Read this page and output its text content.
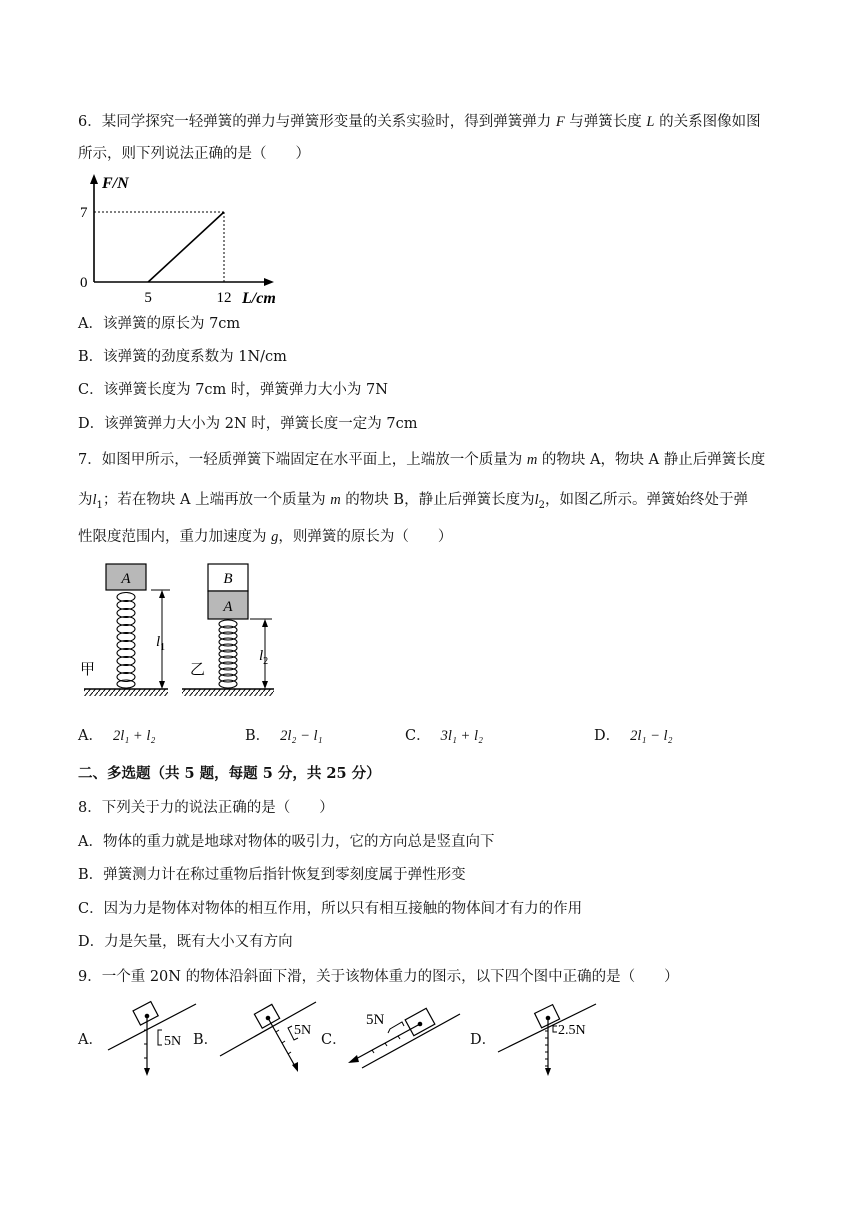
6．某同学探究一轻弹簧的弹力与弹簧形变量的关系实验时，得到弹簧弹力 F 与弹簧长度 L 的关系图像如图
所示，则下列说法正确的是（　　）
F/N
7
0
5	12 L/cm
A．该弹簧的原长为 7cm
B．该弹簧的劲度系数为 1N/cm
C．该弹簧长度为 7cm 时，弹簧弹力大小为 7N
D．该弹簧弹力大小为 2N 时，弹簧长度一定为 7cm
7．如图甲所示，一轻质弹簧下端固定在水平面上，上端放一个质量为 m 的物块 A，物块 A 静止后弹簧长度
为$l_1$；若在物块 A 上端再放一个质量为 m 的物块 B，静止后弹簧长度为$l_2$，如图乙所示。弹簧始终处于弹
性限度范围内，重力加速度为 g，则弹簧的原长为（　　）
A
甲
$l_1$
B
A
乙
$l_2$
A． 2l₁ + l₂	B． 2l₂ − l₁	C． 3l₁ + l₂	D． 2l₁ − l₂
二、多选题（共 5 题，每题 5 分，共 25 分）
8．下列关于力的说法正确的是（　　）
A．物体的重力就是地球对物体的吸引力，它的方向总是竖直向下
B．弹簧测力计在称过重物后指针恢复到零刻度属于弹性形变
C．因为力是物体对物体的相互作用，所以只有相互接触的物体间才有力的作用
D．力是矢量，既有大小又有方向
9．一个重 20N 的物体沿斜面下滑，关于该物体重力的图示，以下四个图中正确的是（　　）
A．	5N B．
5N
C．
5N
D．
2.5N
